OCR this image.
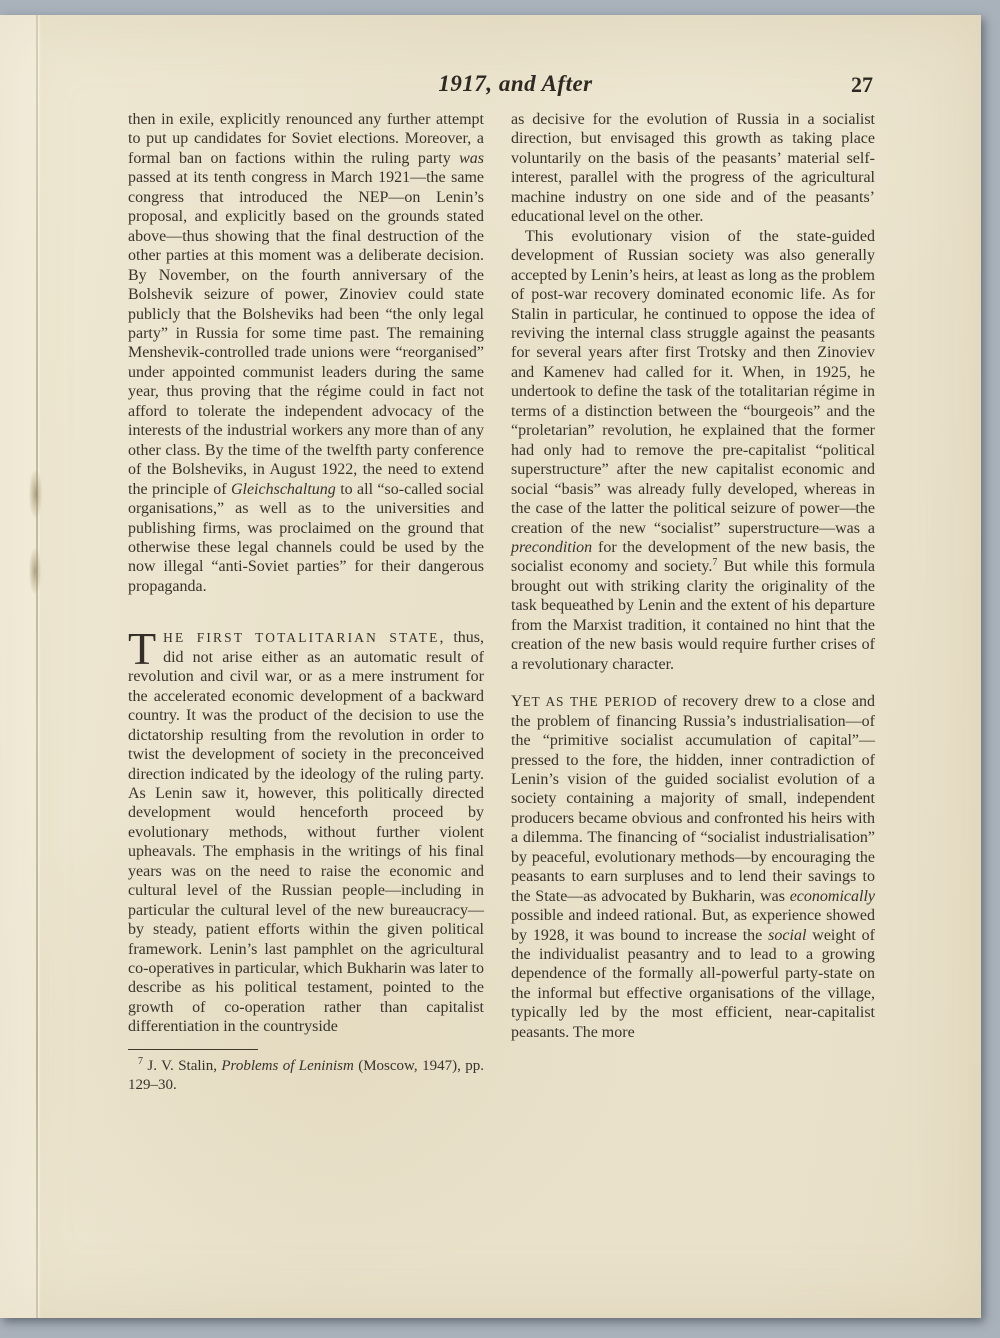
1917, and After	27

then in exile, explicitly renounced any further attempt to put up candidates for Soviet elections. Moreover, a formal ban on factions within the ruling party was passed at its tenth congress in March 1921—the same congress that introduced the NEP—on Lenin’s proposal, and explicitly based on the grounds stated above—thus showing that the final destruction of the other parties at this moment was a deliberate decision. By November, on the fourth anniversary of the Bolshevik seizure of power, Zinoviev could state publicly that the Bolsheviks had been “the only legal party” in Russia for some time past. The remaining Menshevik-controlled trade unions were “reorganised” under appointed communist leaders during the same year, thus proving that the régime could in fact not afford to tolerate the independent advocacy of the interests of the industrial workers any more than of any other class. By the time of the twelfth party conference of the Bolsheviks, in August 1922, the need to extend the principle of Gleichschaltung to all “so-called social organisations,” as well as to the universities and publishing firms, was proclaimed on the ground that otherwise these legal channels could be used by the now illegal “anti-Soviet parties” for their dangerous propaganda.

THE FIRST TOTALITARIAN STATE, thus, did not arise either as an automatic result of revolution and civil war, or as a mere instrument for the accelerated economic development of a backward country. It was the product of the decision to use the dictatorship resulting from the revolution in order to twist the development of society in the preconceived direction indicated by the ideology of the ruling party. As Lenin saw it, however, this politically directed development would henceforth proceed by evolutionary methods, without further violent upheavals. The emphasis in the writings of his final years was on the need to raise the economic and cultural level of the Russian people—including in particular the cultural level of the new bureaucracy—by steady, patient efforts within the given political framework. Lenin’s last pamphlet on the agricultural co-operatives in particular, which Bukharin was later to describe as his political testament, pointed to the growth of co-operation rather than capitalist differentiation in the countryside

$^7$ J. V. Stalin, Problems of Leninism (Moscow, 1947), pp. 129–30.

as decisive for the evolution of Russia in a socialist direction, but envisaged this growth as taking place voluntarily on the basis of the peasants’ material self-interest, parallel with the progress of the agricultural machine industry on one side and of the peasants’ educational level on the other.

This evolutionary vision of the state-guided development of Russian society was also generally accepted by Lenin’s heirs, at least as long as the problem of post-war recovery dominated economic life. As for Stalin in particular, he continued to oppose the idea of reviving the internal class struggle against the peasants for several years after first Trotsky and then Zinoviev and Kamenev had called for it. When, in 1925, he undertook to define the task of the totalitarian régime in terms of a distinction between the “bourgeois” and the “proletarian” revolution, he explained that the former had only had to remove the pre-capitalist “political superstructure” after the new capitalist economic and social “basis” was already fully developed, whereas in the case of the latter the political seizure of power—the creation of the new “socialist” superstructure—was a precondition for the development of the new basis, the socialist economy and society.$^7$ But while this formula brought out with striking clarity the originality of the task bequeathed by Lenin and the extent of his departure from the Marxist tradition, it contained no hint that the creation of the new basis would require further crises of a revolutionary character.

YET AS THE PERIOD of recovery drew to a close and the problem of financing Russia’s industrialisation—of the “primitive socialist accumulation of capital”—pressed to the fore, the hidden, inner contradiction of Lenin’s vision of the guided socialist evolution of a society containing a majority of small, independent producers became obvious and confronted his heirs with a dilemma. The financing of “socialist industrialisation” by peaceful, evolutionary methods—by encouraging the peasants to earn surpluses and to lend their savings to the State—as advocated by Bukharin, was economically possible and indeed rational. But, as experience showed by 1928, it was bound to increase the social weight of the individualist peasantry and to lead to a growing dependence of the formally all-powerful party-state on the informal but effective organisations of the village, typically led by the most efficient, near-capitalist peasants. The more
